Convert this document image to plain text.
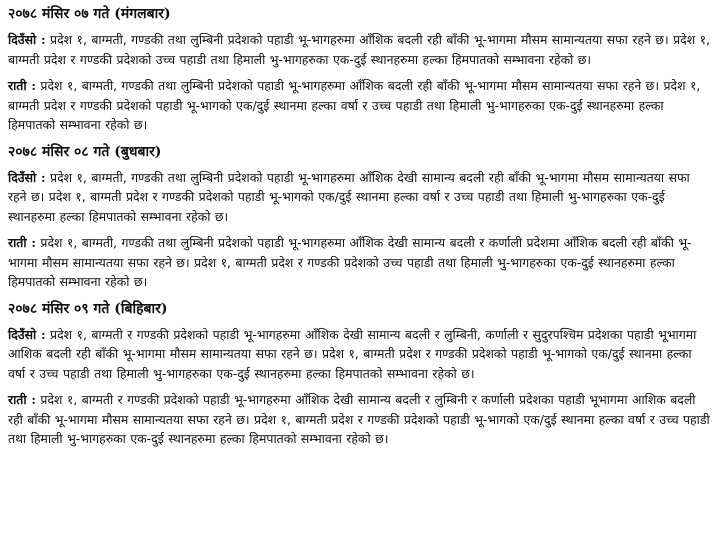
२०७८ मंसिर ०७ गते (मंगलबार)

दिउँसो : प्रदेश १, बाग्मती, गण्डकी तथा लुम्बिनी प्रदेशको पहाडी भू-भागहरुमा आँशिक बदली रही बाँकी भू-भागमा मौसम सामान्यतया सफा रहने छ। प्रदेश १, बाग्मती प्रदेश र गण्डकी प्रदेशको उच्च पहाडी तथा हिमाली भु-भागहरुका एक-दुई स्थानहरुमा हल्का हिमपातको सम्भावना रहेको छ।

राती : प्रदेश १, बाग्मती, गण्डकी तथा लुम्बिनी प्रदेशको पहाडी भू-भागहरुमा आँशिक बदली रही बाँकी भू-भागमा मौसम सामान्यतया सफा रहने छ। प्रदेश १, बाग्मती प्रदेश र गण्डकी प्रदेशको पहाडी भू-भागको एक/दुई स्थानमा हल्का वर्षा र उच्च पहाडी तथा हिमाली भु-भागहरुका एक-दुई स्थानहरुमा हल्का हिमपातको सम्भावना रहेको छ।

२०७८ मंसिर ०८ गते (बुधबार)

दिउँसो : प्रदेश १, बाग्मती, गण्डकी तथा लुम्बिनी प्रदेशको पहाडी भू-भागहरुमा आँशिक देखी सामान्य बदली रही बाँकी भू-भागमा मौसम सामान्यतया सफा रहने छ। प्रदेश १, बाग्मती प्रदेश र गण्डकी प्रदेशको पहाडी भू-भागको एक/दुई स्थानमा हल्का वर्षा र उच्च पहाडी तथा हिमाली भु-भागहरुका एक-दुई स्थानहरुमा हल्का हिमपातको सम्भावना रहेको छ।

राती : प्रदेश १, बाग्मती, गण्डकी तथा लुम्बिनी प्रदेशको पहाडी भू-भागहरुमा आँशिक देखी सामान्य बदली र कर्णाली प्रदेशमा आँशिक बदली रही बाँकी भू-भागमा मौसम सामान्यतया सफा रहने छ। प्रदेश १, बाग्मती प्रदेश र गण्डकी प्रदेशको उच्च पहाडी तथा हिमाली भु-भागहरुका एक-दुई स्थानहरुमा हल्का हिमपातको सम्भावना रहेको छ।

२०७८ मंसिर ०९ गते (बिहिबार)

दिउँसो : प्रदेश १, बाग्मती र गण्डकी प्रदेशको पहाडी भू-भागहरुमा आँशिक देखी सामान्य बदली र लुम्बिनी, कर्णाली र सुदुरपश्चिम प्रदेशका पहाडी भूभागमा आशिक बदली रही बाँकी भू-भागमा मौसम सामान्यतया सफा रहने छ। प्रदेश १, बाग्मती प्रदेश र गण्डकी प्रदेशको पहाडी भू-भागको एक/दुई स्थानमा हल्का वर्षा र उच्च पहाडी तथा हिमाली भु-भागहरुका एक-दुई स्थानहरुमा हल्का हिमपातको सम्भावना रहेको छ।

राती : प्रदेश १, बाग्मती र गण्डकी प्रदेशको पहाडी भू-भागहरुमा आँशिक देखी सामान्य बदली र लुम्बिनी र कर्णाली प्रदेशका पहाडी भूभागमा आशिक बदली रही बाँकी भू-भागमा मौसम सामान्यतया सफा रहने छ। प्रदेश १, बाग्मती प्रदेश र गण्डकी प्रदेशको पहाडी भू-भागको एक/दुई स्थानमा हल्का वर्षा र उच्च पहाडी तथा हिमाली भु-भागहरुका एक-दुई स्थानहरुमा हल्का हिमपातको सम्भावना रहेको छ।
